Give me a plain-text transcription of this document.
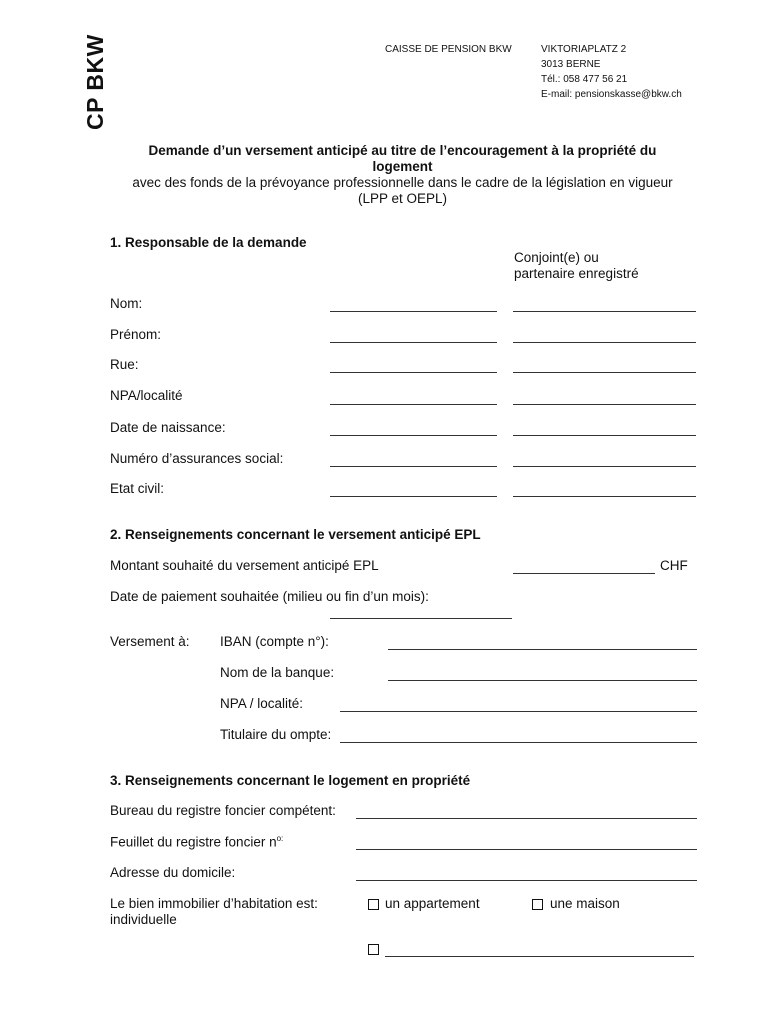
CP BKW	CAISSE DE PENSION BKW	VIKTORIAPLATZ 2
3013 BERNE
Tél.: 058 477 56 21
E-mail: pensionskasse@bkw.ch
Demande d’un versement anticipé au titre de l’encouragement à la propriété du
logement
avec des fonds de la prévoyance professionnelle dans le cadre de la législation en vigueur
(LPP et OEPL)
1. Responsable de la demande
Conjoint(e) ou
partenaire enregistré
Nom:
Prénom:
Rue:
NPA/localité
Date de naissance:
Numéro d’assurances social:
Etat civil:
2. Renseignements concernant le versement anticipé EPL
Montant souhaité du versement anticipé EPL	CHF
Date de paiement souhaitée (milieu ou fin d’un mois):
Versement à: IBAN (compte n°):
Nom de la banque:
NPA / localité:
Titulaire du ompte:
3. Renseignements concernant le logement en propriété
Bureau du registre foncier compétent:
Feuillet du registre foncier $n^{o:}$
Adresse du domicile:
Le bien immobilier d’habitation est:
individuelle
un appartement	une maison
